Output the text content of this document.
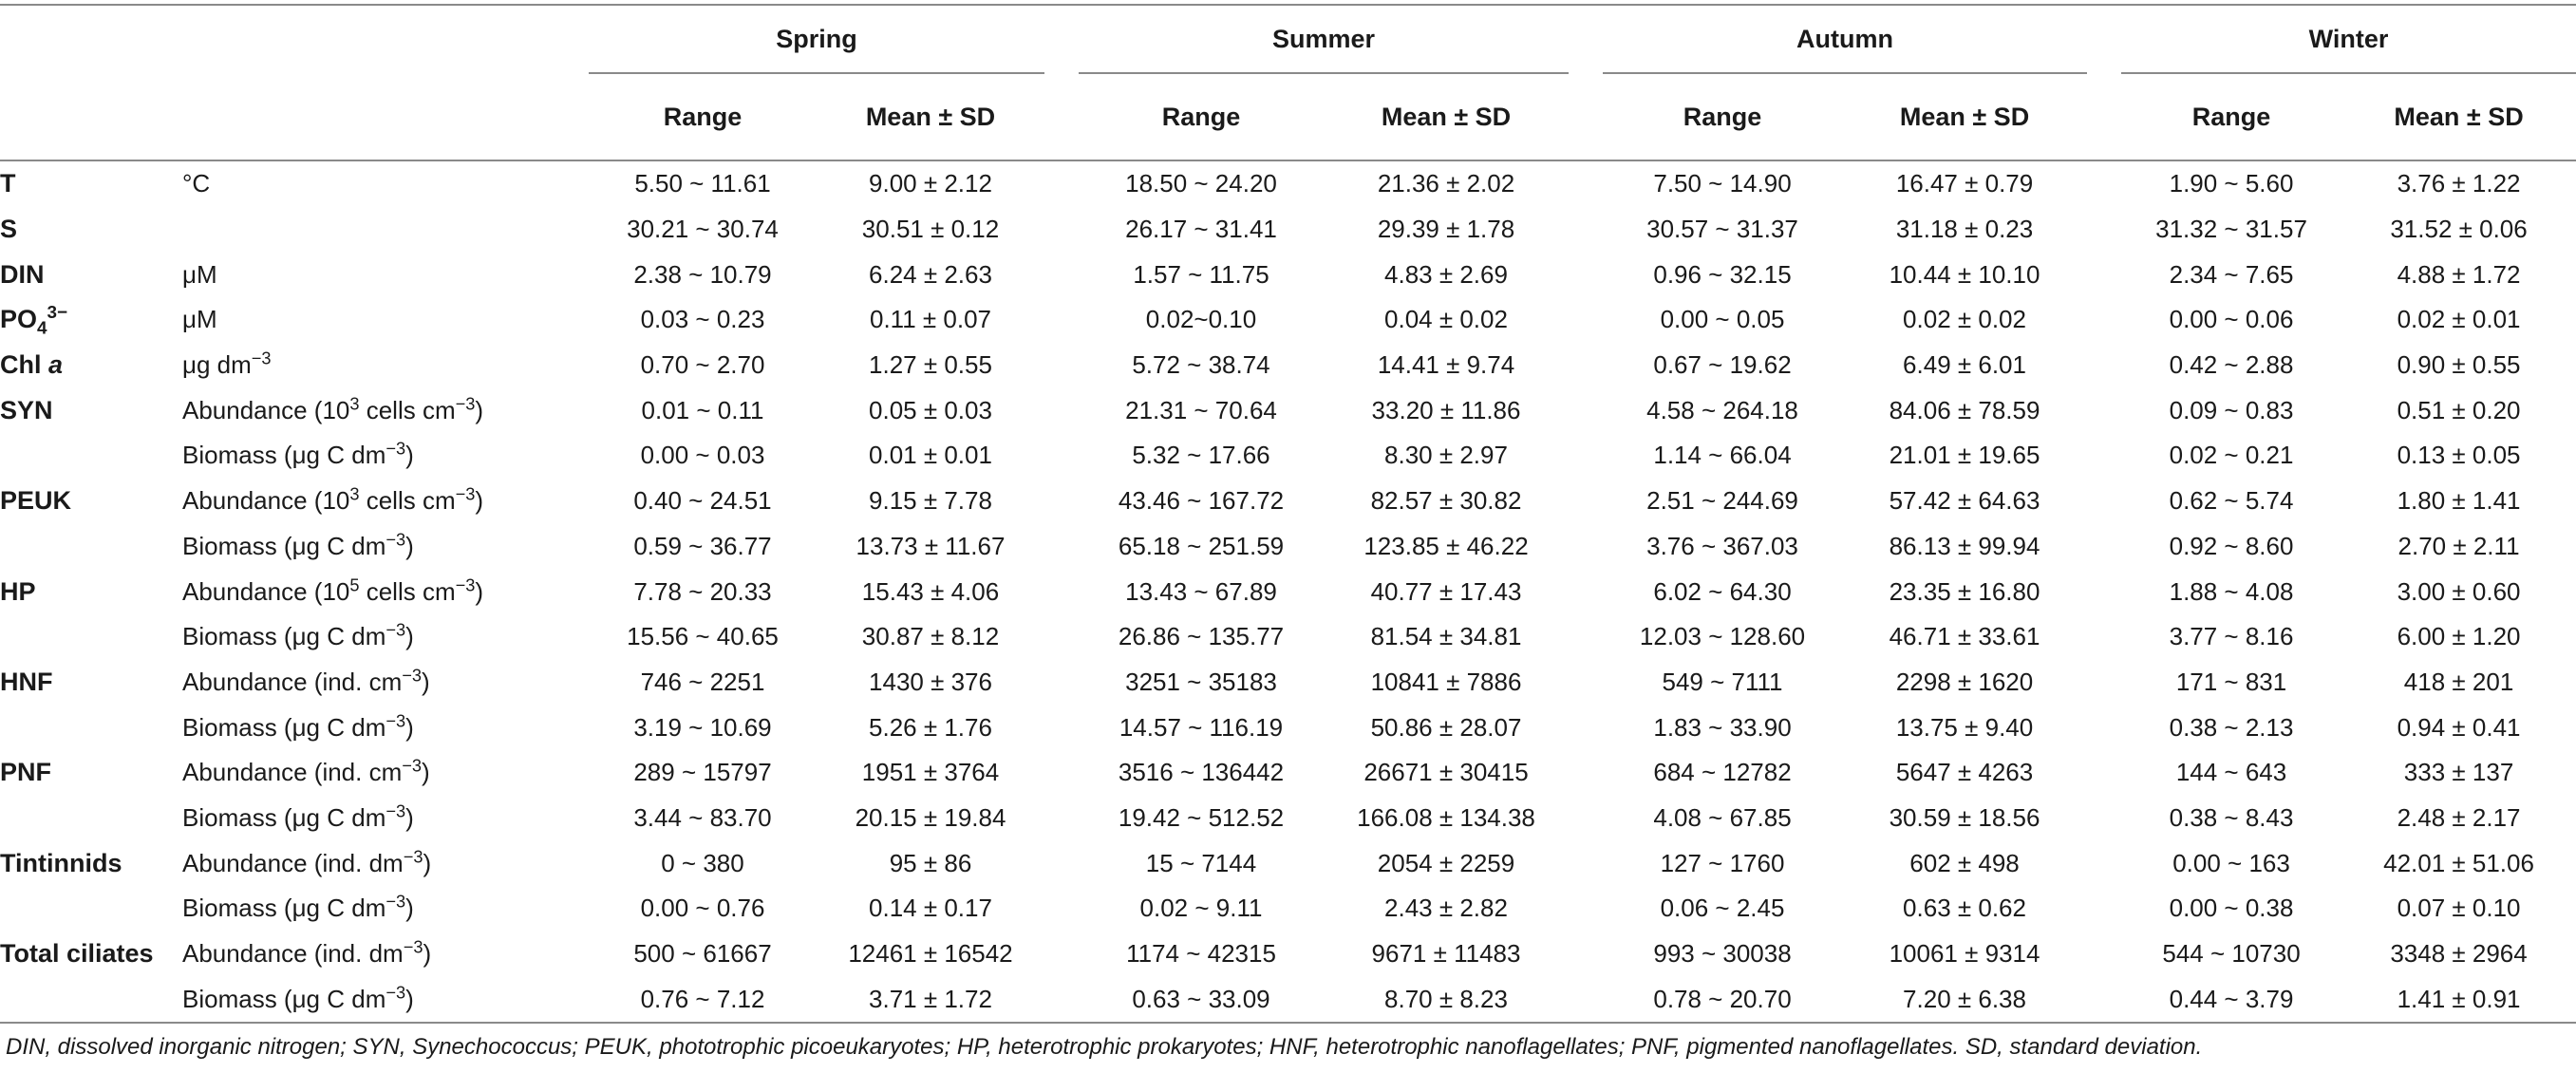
		Spring			Summer			Autumn			Winter	
		Range	Mean ± SD		Range	Mean ± SD		Range	Mean ± SD		Range	Mean ± SD
T	°C	5.50 ~ 11.61	9.00 ± 2.12		18.50 ~ 24.20	21.36 ± 2.02		7.50 ~ 14.90	16.47 ± 0.79		1.90 ~ 5.60	3.76 ± 1.22
S		30.21 ~ 30.74	30.51 ± 0.12		26.17 ~ 31.41	29.39 ± 1.78		30.57 ~ 31.37	31.18 ± 0.23		31.32 ~ 31.57	31.52 ± 0.06
DIN	μM	2.38 ~ 10.79	6.24 ± 2.63		1.57 ~ 11.75	4.83 ± 2.69		0.96 ~ 32.15	10.44 ± 10.10		2.34 ~ 7.65	4.88 ± 1.72
$PO_4^{3-}$	μM	0.03 ~ 0.23	0.11 ± 0.07		0.02~0.10	0.04 ± 0.02		0.00 ~ 0.05	0.02 ± 0.02		0.00 ~ 0.06	0.02 ± 0.01
Chl a	μg $dm^{-3}$	0.70 ~ 2.70	1.27 ± 0.55		5.72 ~ 38.74	14.41 ± 9.74		0.67 ~ 19.62	6.49 ± 6.01		0.42 ~ 2.88	0.90 ± 0.55
SYN	Abundance ($10^3$ cells $cm^{-3}$)	0.01 ~ 0.11	0.05 ± 0.03		21.31 ~ 70.64	33.20 ± 11.86		4.58 ~ 264.18	84.06 ± 78.59		0.09 ~ 0.83	0.51 ± 0.20
	Biomass (μg C $dm^{-3}$)	0.00 ~ 0.03	0.01 ± 0.01		5.32 ~ 17.66	8.30 ± 2.97		1.14 ~ 66.04	21.01 ± 19.65		0.02 ~ 0.21	0.13 ± 0.05
PEUK	Abundance ($10^3$ cells $cm^{-3}$)	0.40 ~ 24.51	9.15 ± 7.78		43.46 ~ 167.72	82.57 ± 30.82		2.51 ~ 244.69	57.42 ± 64.63		0.62 ~ 5.74	1.80 ± 1.41
	Biomass (μg C $dm^{-3}$)	0.59 ~ 36.77	13.73 ± 11.67		65.18 ~ 251.59	123.85 ± 46.22		3.76 ~ 367.03	86.13 ± 99.94		0.92 ~ 8.60	2.70 ± 2.11
HP	Abundance ($10^5$ cells $cm^{-3}$)	7.78 ~ 20.33	15.43 ± 4.06		13.43 ~ 67.89	40.77 ± 17.43		6.02 ~ 64.30	23.35 ± 16.80		1.88 ~ 4.08	3.00 ± 0.60
	Biomass (μg C $dm^{-3}$)	15.56 ~ 40.65	30.87 ± 8.12		26.86 ~ 135.77	81.54 ± 34.81		12.03 ~ 128.60	46.71 ± 33.61		3.77 ~ 8.16	6.00 ± 1.20
HNF	Abundance (ind. $cm^{-3}$)	746 ~ 2251	1430 ± 376		3251 ~ 35183	10841 ± 7886		549 ~ 7111	2298 ± 1620		171 ~ 831	418 ± 201
	Biomass (μg C $dm^{-3}$)	3.19 ~ 10.69	5.26 ± 1.76		14.57 ~ 116.19	50.86 ± 28.07		1.83 ~ 33.90	13.75 ± 9.40		0.38 ~ 2.13	0.94 ± 0.41
PNF	Abundance (ind. $cm^{-3}$)	289 ~ 15797	1951 ± 3764		3516 ~ 136442	26671 ± 30415		684 ~ 12782	5647 ± 4263		144 ~ 643	333 ± 137
	Biomass (μg C $dm^{-3}$)	3.44 ~ 83.70	20.15 ± 19.84		19.42 ~ 512.52	166.08 ± 134.38		4.08 ~ 67.85	30.59 ± 18.56		0.38 ~ 8.43	2.48 ± 2.17
Tintinnids	Abundance (ind. $dm^{-3}$)	0 ~ 380	95 ± 86		15 ~ 7144	2054 ± 2259		127 ~ 1760	602 ± 498		0.00 ~ 163	42.01 ± 51.06
	Biomass (μg C $dm^{-3}$)	0.00 ~ 0.76	0.14 ± 0.17		0.02 ~ 9.11	2.43 ± 2.82		0.06 ~ 2.45	0.63 ± 0.62		0.00 ~ 0.38	0.07 ± 0.10
Total ciliates	Abundance (ind. $dm^{-3}$)	500 ~ 61667	12461 ± 16542		1174 ~ 42315	9671 ± 11483		993 ~ 30038	10061 ± 9314		544 ~ 10730	3348 ± 2964
	Biomass (μg C $dm^{-3}$)	0.76 ~ 7.12	3.71 ± 1.72		0.63 ~ 33.09	8.70 ± 8.23		0.78 ~ 20.70	7.20 ± 6.38		0.44 ~ 3.79	1.41 ± 0.91
DIN, dissolved inorganic nitrogen; SYN, Synechococcus; PEUK, phototrophic picoeukaryotes; HP, heterotrophic prokaryotes; HNF, heterotrophic nanoflagellates; PNF, pigmented nanoflagellates. SD, standard deviation.
